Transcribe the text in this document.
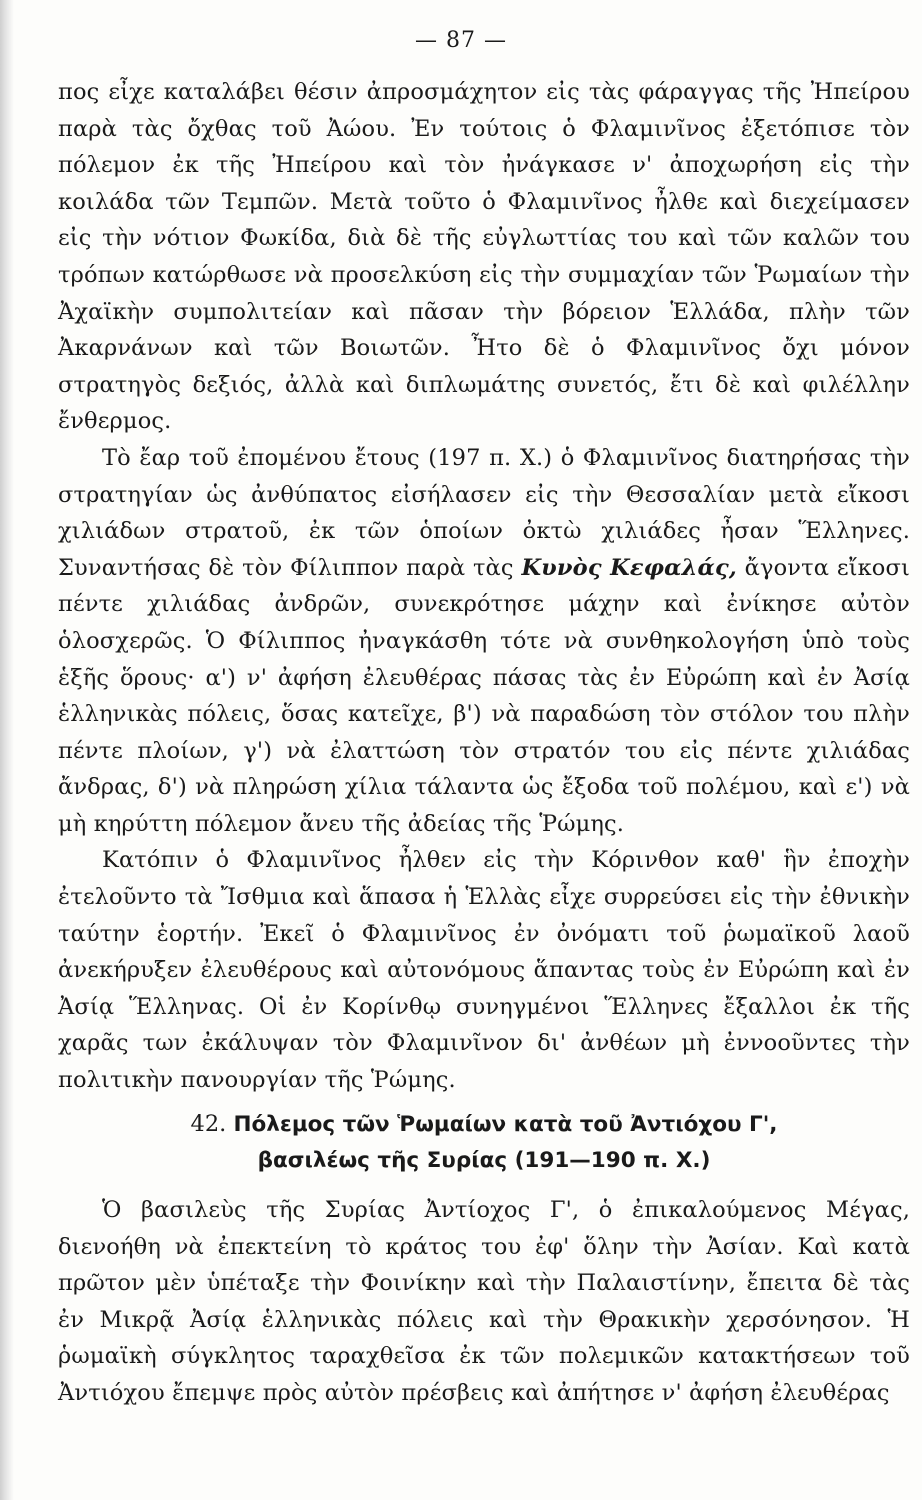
— 87 —

πος εἶχε καταλάβει θέσιν ἀπροσμάχητον εἰς τὰς φάραγγας τῆς Ἠπείρου παρὰ τὰς ὄχθας τοῦ Ἀώου. Ἐν τούτοις ὁ Φλαμινῖνος ἐξετόπισε τὸν πόλεμον ἐκ τῆς Ἠπείρου καὶ τὸν ἠνάγκασε ν' ἀποχωρήση εἰς τὴν κοιλάδα τῶν Τεμπῶν. Μετὰ τοῦτο ὁ Φλαμινῖνος ἦλθε καὶ διεχείμασεν εἰς τὴν νότιον Φωκίδα, διὰ δὲ τῆς εὐγλωττίας του καὶ τῶν καλῶν του τρόπων κατώρθωσε νὰ προσελκύση εἰς τὴν συμμαχίαν τῶν Ῥωμαίων τὴν Ἀχαϊκὴν συμπολιτείαν καὶ πᾶσαν τὴν βόρειον Ἑλλάδα, πλὴν τῶν Ἀκαρνάνων καὶ τῶν Βοιωτῶν. Ἦτο δὲ ὁ Φλαμινῖνος ὄχι μόνον στρατηγὸς δεξιός, ἀλλὰ καὶ διπλωμάτης συνετός, ἔτι δὲ καὶ φιλέλλην ἔνθερμος.

Τὸ ἔαρ τοῦ ἐπομένου ἔτους (197 π. Χ.) ὁ Φλαμινῖνος διατηρήσας τὴν στρατηγίαν ὡς ἀνθύπατος εἰσήλασεν εἰς τὴν Θεσσαλίαν μετὰ εἴκοσι χιλιάδων στρατοῦ, ἐκ τῶν ὁποίων ὀκτὼ χιλιάδες ἦσαν Ἕλληνες. Συναντήσας δὲ τὸν Φίλιππον παρὰ τὰς Κυνὸς Κεφαλάς, ἄγοντα εἴκοσι πέντε χιλιάδας ἀνδρῶν, συνεκρότησε μάχην καὶ ἐνίκησε αὐτὸν ὁλοσχερῶς. Ὁ Φίλιππος ἠναγκάσθη τότε νὰ συνθηκολογήση ὑπὸ τοὺς ἑξῆς ὅρους· α') ν' ἀφήση ἐλευθέρας πάσας τὰς ἐν Εὐρώπη καὶ ἐν Ἀσίᾳ ἑλληνικὰς πόλεις, ὅσας κατεῖχε, β') νὰ παραδώση τὸν στόλον του πλὴν πέντε πλοίων, γ') νὰ ἐλαττώση τὸν στρατόν του εἰς πέντε χιλιάδας ἄνδρας, δ') νὰ πληρώση χίλια τάλαντα ὡς ἔξοδα τοῦ πολέμου, καὶ ε') νὰ μὴ κηρύττη πόλεμον ἄνευ τῆς ἀδείας τῆς Ῥώμης.

Κατόπιν ὁ Φλαμινῖνος ἦλθεν εἰς τὴν Κόρινθον καθ' ἣν ἐποχὴν ἐτελοῦντο τὰ Ἴσθμια καὶ ἅπασα ἡ Ἑλλὰς εἶχε συρρεύσει εἰς τὴν ἐθνικὴν ταύτην ἑορτήν. Ἐκεῖ ὁ Φλαμινῖνος ἐν ὀνόματι τοῦ ῥωμαϊκοῦ λαοῦ ἀνεκήρυξεν ἐλευθέρους καὶ αὐτονόμους ἅπαντας τοὺς ἐν Εὐρώπη καὶ ἐν Ἀσίᾳ Ἕλληνας. Οἱ ἐν Κορίνθῳ συνηγμένοι Ἕλληνες ἔξαλλοι ἐκ τῆς χαρᾶς των ἐκάλυψαν τὸν Φλαμινῖνον δι' ἀνθέων μὴ ἐννοοῦντες τὴν πολιτικὴν πανουργίαν τῆς Ῥώμης.

42. Πόλεμος τῶν Ῥωμαίων κατὰ τοῦ Ἀντιόχου Γ',
βασιλέως τῆς Συρίας (191—190 π. Χ.)

Ὁ βασιλεὺς τῆς Συρίας Ἀντίοχος Γ', ὁ ἐπικαλούμενος Μέγας, διενοήθη νὰ ἐπεκτείνη τὸ κράτος του ἐφ' ὅλην τὴν Ἀσίαν. Καὶ κατὰ πρῶτον μὲν ὑπέταξε τὴν Φοινίκην καὶ τὴν Παλαιστίνην, ἔπειτα δὲ τὰς ἐν Μικρᾷ Ἀσίᾳ ἑλληνικὰς πόλεις καὶ τὴν Θρακικὴν χερσόνησον. Ἡ ῥωμαϊκὴ σύγκλητος ταραχθεῖσα ἐκ τῶν πολεμικῶν κατακτήσεων τοῦ Ἀντιόχου ἔπεμψε πρὸς αὐτὸν πρέσβεις καὶ ἀπήτησε ν' ἀφήση ἐλευθέρας
